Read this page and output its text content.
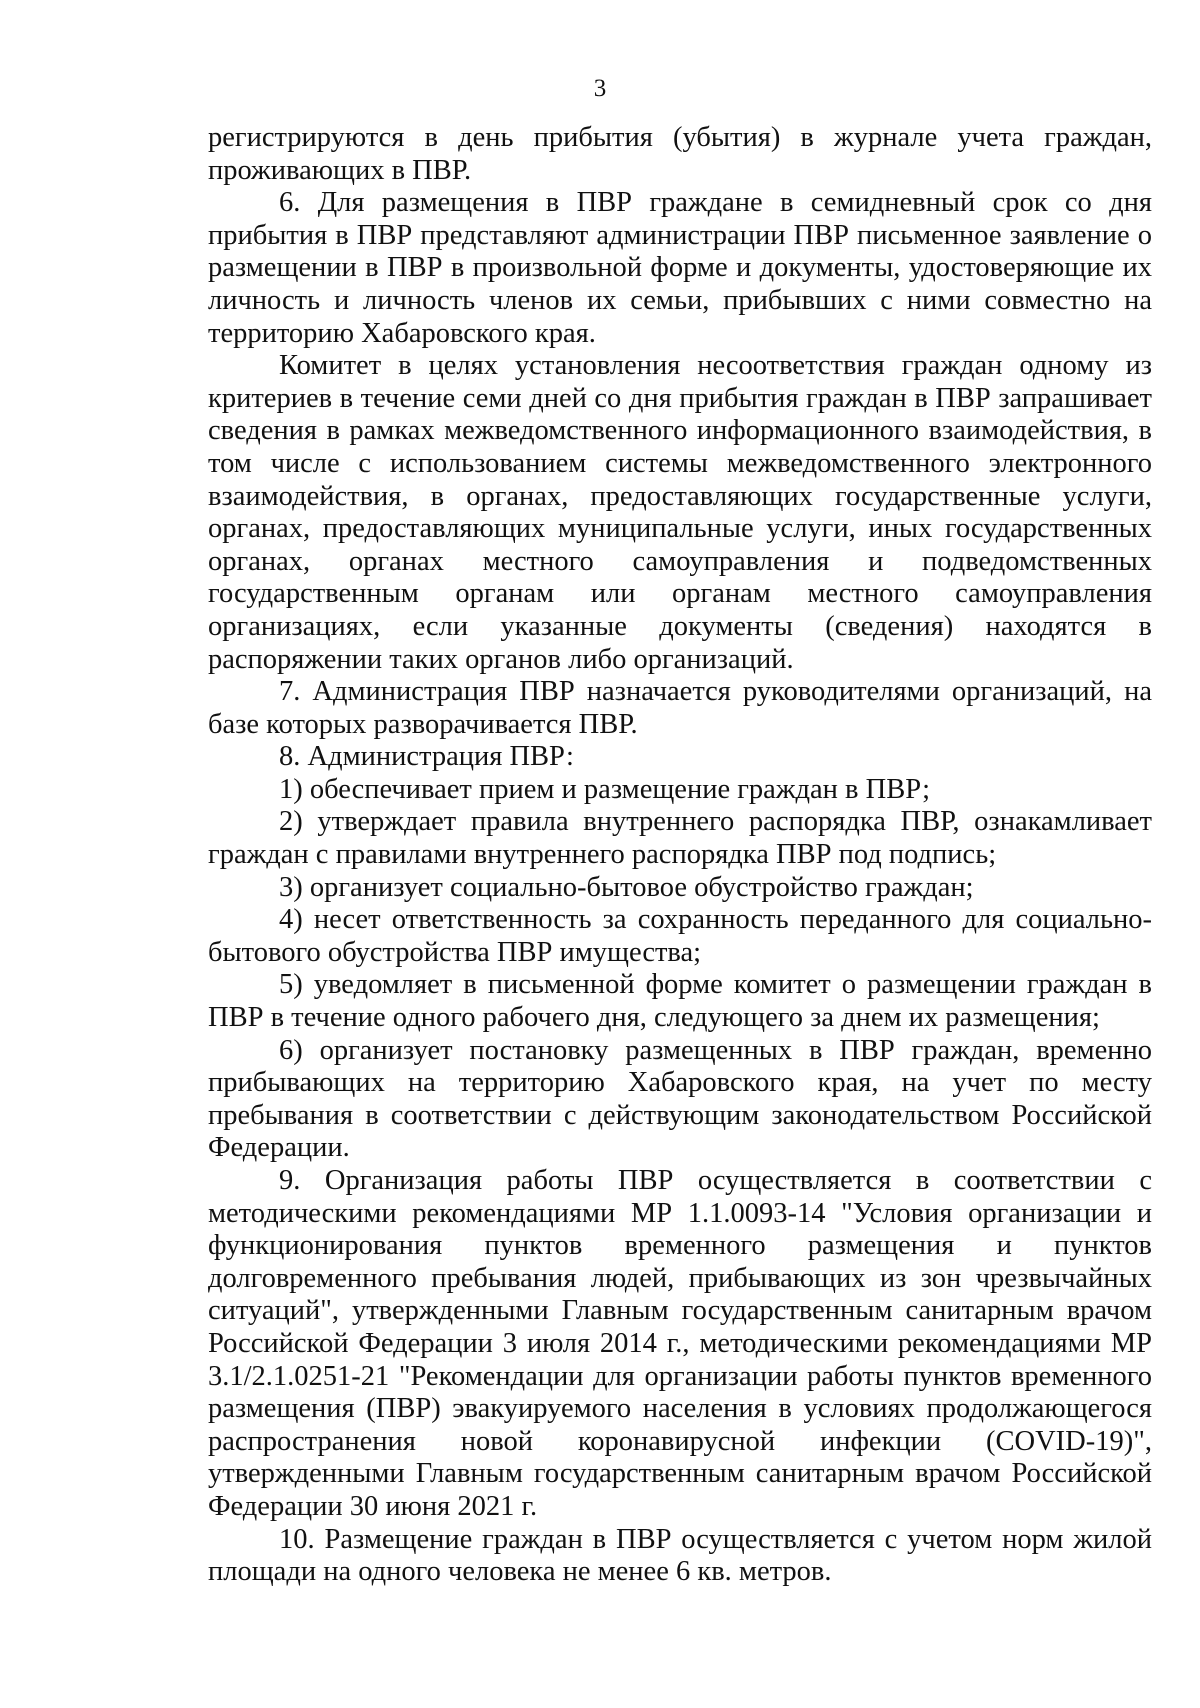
3

регистрируются в день прибытия (убытия) в журнале учета граждан, проживающих в ПВР.

6. Для размещения в ПВР граждане в семидневный срок со дня прибытия в ПВР представляют администрации ПВР письменное заявление о размещении в ПВР в произвольной форме и документы, удостоверяющие их личность и личность членов их семьи, прибывших с ними совместно на территорию Хабаровского края.

Комитет в целях установления несоответствия граждан одному из критериев в течение семи дней со дня прибытия граждан в ПВР запрашивает сведения в рамках межведомственного информационного взаимодействия, в том числе с использованием системы межведомственного электронного взаимодействия, в органах, предоставляющих государственные услуги, органах, предоставляющих муниципальные услуги, иных государственных органах, органах местного самоуправления и подведомственных государственным органам или органам местного самоуправления организациях, если указанные документы (сведения) находятся в распоряжении таких органов либо организаций.

7. Администрация ПВР назначается руководителями организаций, на базе которых разворачивается ПВР.

8. Администрация ПВР:

1) обеспечивает прием и размещение граждан в ПВР;

2) утверждает правила внутреннего распорядка ПВР, ознакамливает граждан с правилами внутреннего распорядка ПВР под подпись;

3) организует социально-бытовое обустройство граждан;

4) несет ответственность за сохранность переданного для социально-бытового обустройства ПВР имущества;

5) уведомляет в письменной форме комитет о размещении граждан в ПВР в течение одного рабочего дня, следующего за днем их размещения;

6) организует постановку размещенных в ПВР граждан, временно прибывающих на территорию Хабаровского края, на учет по месту пребывания в соответствии с действующим законодательством Российской Федерации.

9. Организация работы ПВР осуществляется в соответствии с методическими рекомендациями МР 1.1.0093-14 "Условия организации и функционирования пунктов временного размещения и пунктов долговременного пребывания людей, прибывающих из зон чрезвычайных ситуаций", утвержденными Главным государственным санитарным врачом Российской Федерации 3 июля 2014 г., методическими рекомендациями МР 3.1/2.1.0251-21 "Рекомендации для организации работы пунктов временного размещения (ПВР) эвакуируемого населения в условиях продолжающегося распространения новой коронавирусной инфекции (COVID-19)", утвержденными Главным государственным санитарным врачом Российской Федерации 30 июня 2021 г.

10. Размещение граждан в ПВР осуществляется с учетом норм жилой площади на одного человека не менее 6 кв. метров.
